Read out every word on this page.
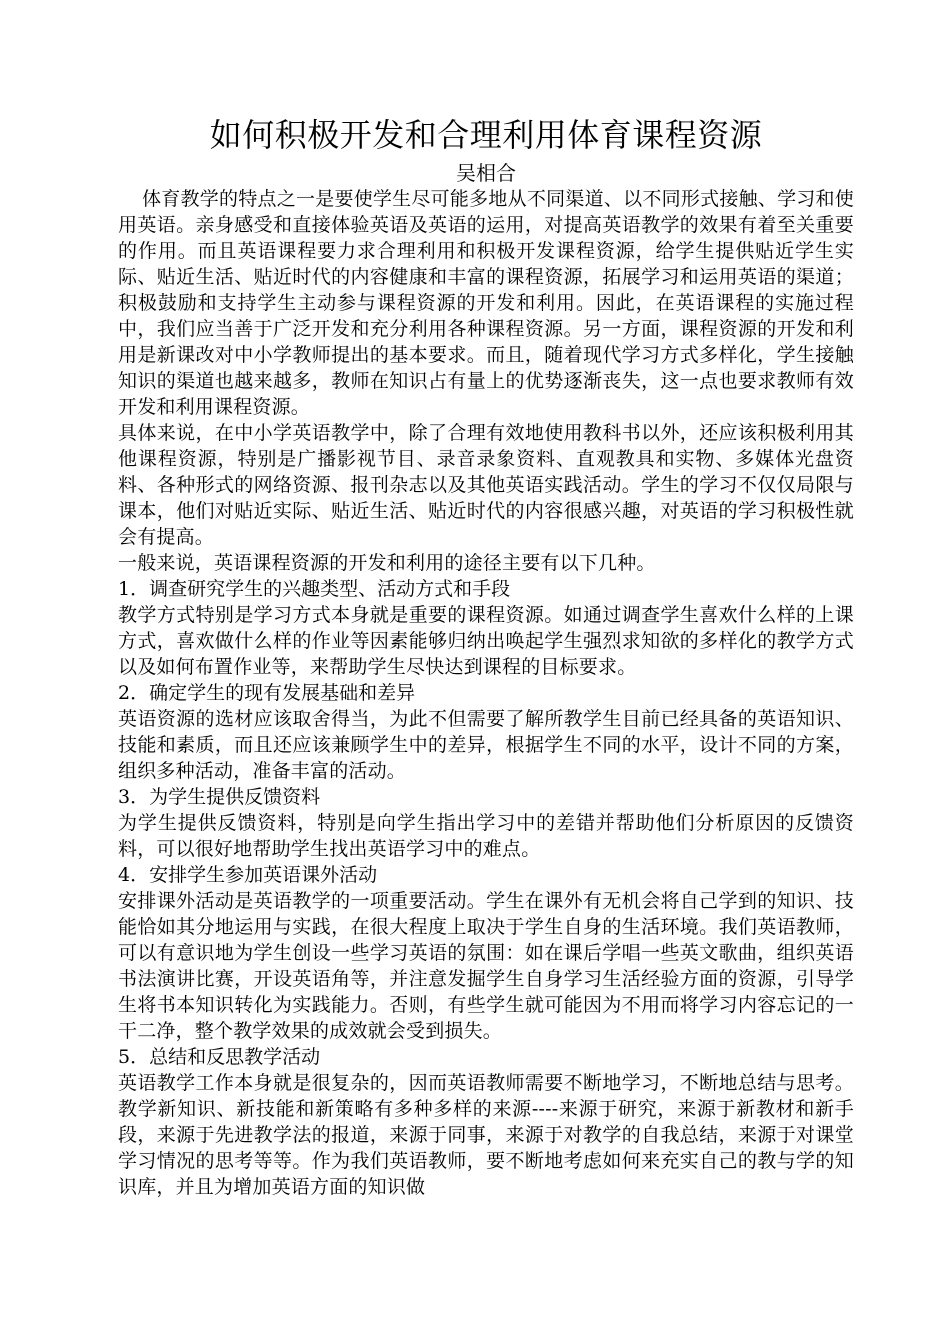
如何积极开发和合理利用体育课程资源

吴相合

体育教学的特点之一是要使学生尽可能多地从不同渠道、以不同形式接触、学习和使用英语。亲身感受和直接体验英语及英语的运用，对提高英语教学的效果有着至关重要的作用。而且英语课程要力求合理利用和积极开发课程资源，给学生提供贴近学生实际、贴近生活、贴近时代的内容健康和丰富的课程资源，拓展学习和运用英语的渠道；积极鼓励和支持学生主动参与课程资源的开发和利用。因此，在英语课程的实施过程中，我们应当善于广泛开发和充分利用各种课程资源。另一方面，课程资源的开发和利用是新课改对中小学教师提出的基本要求。而且，随着现代学习方式多样化，学生接触知识的渠道也越来越多，教师在知识占有量上的优势逐渐丧失，这一点也要求教师有效开发和利用课程资源。

具体来说，在中小学英语教学中，除了合理有效地使用教科书以外，还应该积极利用其他课程资源，特别是广播影视节目、录音录象资料、直观教具和实物、多媒体光盘资料、各种形式的网络资源、报刊杂志以及其他英语实践活动。学生的学习不仅仅局限与课本，他们对贴近实际、贴近生活、贴近时代的内容很感兴趣，对英语的学习积极性就会有提高。

一般来说，英语课程资源的开发和利用的途径主要有以下几种。

1．调查研究学生的兴趣类型、活动方式和手段

教学方式特别是学习方式本身就是重要的课程资源。如通过调查学生喜欢什么样的上课方式，喜欢做什么样的作业等因素能够归纳出唤起学生强烈求知欲的多样化的教学方式以及如何布置作业等，来帮助学生尽快达到课程的目标要求。

2．确定学生的现有发展基础和差异

英语资源的选材应该取舍得当，为此不但需要了解所教学生目前已经具备的英语知识、技能和素质，而且还应该兼顾学生中的差异，根据学生不同的水平，设计不同的方案，组织多种活动，准备丰富的活动。

3．为学生提供反馈资料

为学生提供反馈资料，特别是向学生指出学习中的差错并帮助他们分析原因的反馈资料，可以很好地帮助学生找出英语学习中的难点。

4．安排学生参加英语课外活动

安排课外活动是英语教学的一项重要活动。学生在课外有无机会将自己学到的知识、技能恰如其分地运用与实践，在很大程度上取决于学生自身的生活环境。我们英语教师，可以有意识地为学生创设一些学习英语的氛围：如在课后学唱一些英文歌曲，组织英语书法演讲比赛，开设英语角等，并注意发掘学生自身学习生活经验方面的资源，引导学生将书本知识转化为实践能力。否则，有些学生就可能因为不用而将学习内容忘记的一干二净，整个教学效果的成效就会受到损失。

5．总结和反思教学活动

英语教学工作本身就是很复杂的，因而英语教师需要不断地学习，不断地总结与思考。教学新知识、新技能和新策略有多种多样的来源----来源于研究，来源于新教材和新手段，来源于先进教学法的报道，来源于同事，来源于对教学的自我总结，来源于对课堂学习情况的思考等等。作为我们英语教师，要不断地考虑如何来充实自己的教与学的知识库，并且为增加英语方面的知识做
